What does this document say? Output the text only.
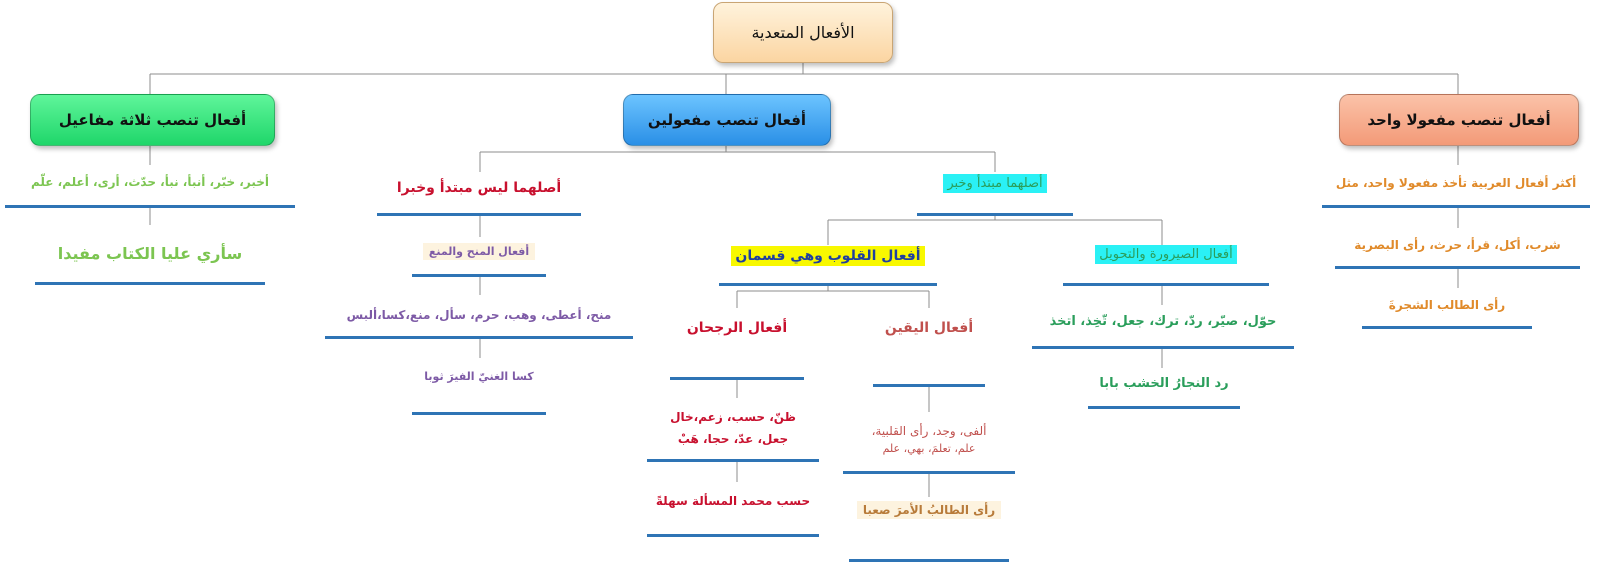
الأفعال المتعدية
أفعال تنصب مفعولا واحد
أفعال تنصب مفعولين
أفعال تنصب ثلاثة مفاعيل
أكثر أفعال العربية تأخذ مفعولا واحد، مثل
شرب، أكل، قرأ، حرث، رأى البصرية
رأى الطالب الشجرةَ
أخبر، خبّر، أنبأ، نبأ، حدّث، أرى، أعلم، علّم
سأري عليا الكتاب مفيدا
أصلهما ليس مبتدأ وخبرا
أفعال المنح والمنع
منح، أعطى، وهب، حرم، سأل، منع،كسا،ألبس
كسا الغنيّ الفيرَ ثوبا
أصلهما مبتدأ وخبر
أفعال الصيرورة والتحويل
حوّل، صيّر، ردّ، ترك، جعل، تّخِذ، اتخذ
رد النجارُ الخشب بابا
أفعال القلوب وهي قسمان
أفعال اليقين
ألفى، وجد، رأى القلبية،
علم، تعلمَ، بهي، علم
رأى الطالبُ الأمرَ صعبا
أفعال الرجحان
ظنّ، حسب، زعم،خال
جعل، عدّ، حجا، هَبْ
حسب محمد المسألة سهلةً
